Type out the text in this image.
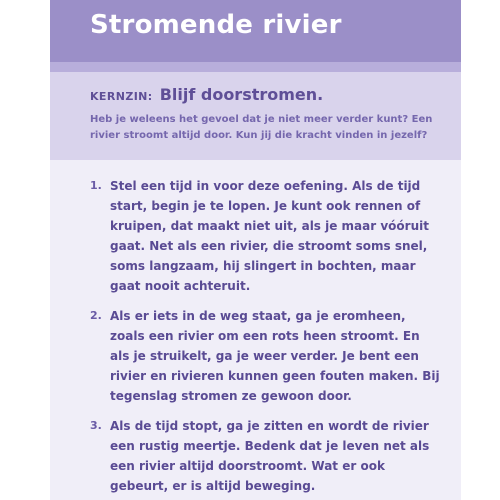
Stromende rivier
KERNZIN: Blijf doorstromen.

Heb je weleens het gevoel dat je niet meer verder kunt? Een rivier stroomt altijd door. Kun jij die kracht vinden in jezelf?

1. Stel een tijd in voor deze oefening. Als de tijd start, begin je te lopen. Je kunt ook rennen of kruipen, dat maakt niet uit, als je maar vóóruit gaat. Net als een rivier, die stroomt soms snel, soms langzaam, hij slingert in bochten, maar gaat nooit achteruit.

2. Als er iets in de weg staat, ga je eromheen, zoals een rivier om een rots heen stroomt. En als je struikelt, ga je weer verder. Je bent een rivier en rivieren kunnen geen fouten maken. Bij tegenslag stromen ze gewoon door.

3. Als de tijd stopt, ga je zitten en wordt de rivier een rustig meertje. Bedenk dat je leven net als een rivier altijd doorstroomt. Wat er ook gebeurt, er is altijd beweging.
